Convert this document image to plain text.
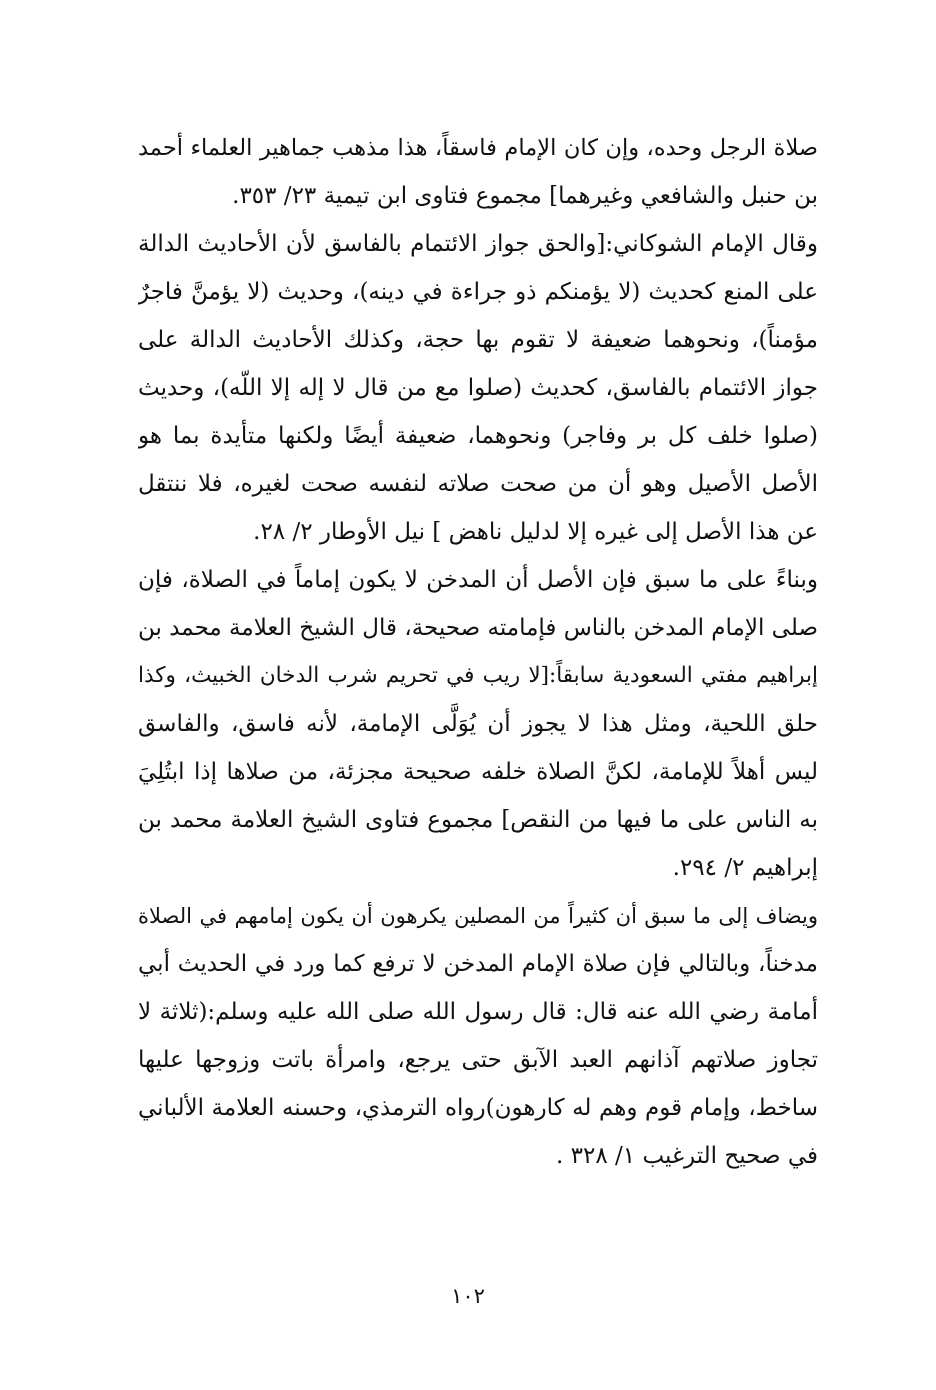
صلاة الرجل وحده، وإن كان الإمام فاسقاً، هذا مذهب جماهير العلماء أحمد
بن حنبل والشافعي وغيرهما] مجموع فتاوى ابن تيمية ٢٣/ ٣٥٣.
وقال الإمام الشوكاني:[والحق جواز الائتمام بالفاسق لأن الأحاديث الدالة
على المنع كحديث (لا يؤمنكم ذو جراءة في دينه)، وحديث (لا يؤمنَّ فاجرٌ
مؤمناً)، ونحوهما ضعيفة لا تقوم بها حجة، وكذلك الأحاديث الدالة على
جواز الائتمام بالفاسق، كحديث (صلوا مع من قال لا إله إلا اللّه)، وحديث
(صلوا خلف كل بر وفاجر) ونحوهما، ضعيفة أيضًا ولكنها متأيدة بما هو
الأصل الأصيل وهو أن من صحت صلاته لنفسه صحت لغيره، فلا ننتقل
عن هذا الأصل إلى غيره إلا لدليل ناهض ] نيل الأوطار ٢/ ٢٨.
وبناءً على ما سبق فإن الأصل أن المدخن لا يكون إماماً في الصلاة، فإن
صلى الإمام المدخن بالناس فإمامته صحيحة، قال الشيخ العلامة محمد بن
إبراهيم مفتي السعودية سابقاً:[لا ريب في تحريم شرب الدخان الخبيث، وكذا
حلق اللحية، ومثل هذا لا يجوز أن يُوَلَّى الإمامة، لأنه فاسق، والفاسق
ليس أهلاً للإمامة، لكنَّ الصلاة خلفه صحيحة مجزئة، من صلاها إذا ابتُلِيَ
به الناس على ما فيها من النقص] مجموع فتاوى الشيخ العلامة محمد بن
إبراهيم ٢/ ٢٩٤.
ويضاف إلى ما سبق أن كثيراً من المصلين يكرهون أن يكون إمامهم في الصلاة
مدخناً، وبالتالي فإن صلاة الإمام المدخن لا ترفع كما ورد في الحديث أبي
أمامة رضي الله عنه قال: قال رسول الله صلى الله عليه وسلم:(ثلاثة لا
تجاوز صلاتهم آذانهم العبد الآبق حتى يرجع، وامرأة باتت وزوجها عليها
ساخط، وإمام قوم وهم له كارهون)رواه الترمذي، وحسنه العلامة الألباني
في صحيح الترغيب ١/ ٣٢٨ .
١٠٢
